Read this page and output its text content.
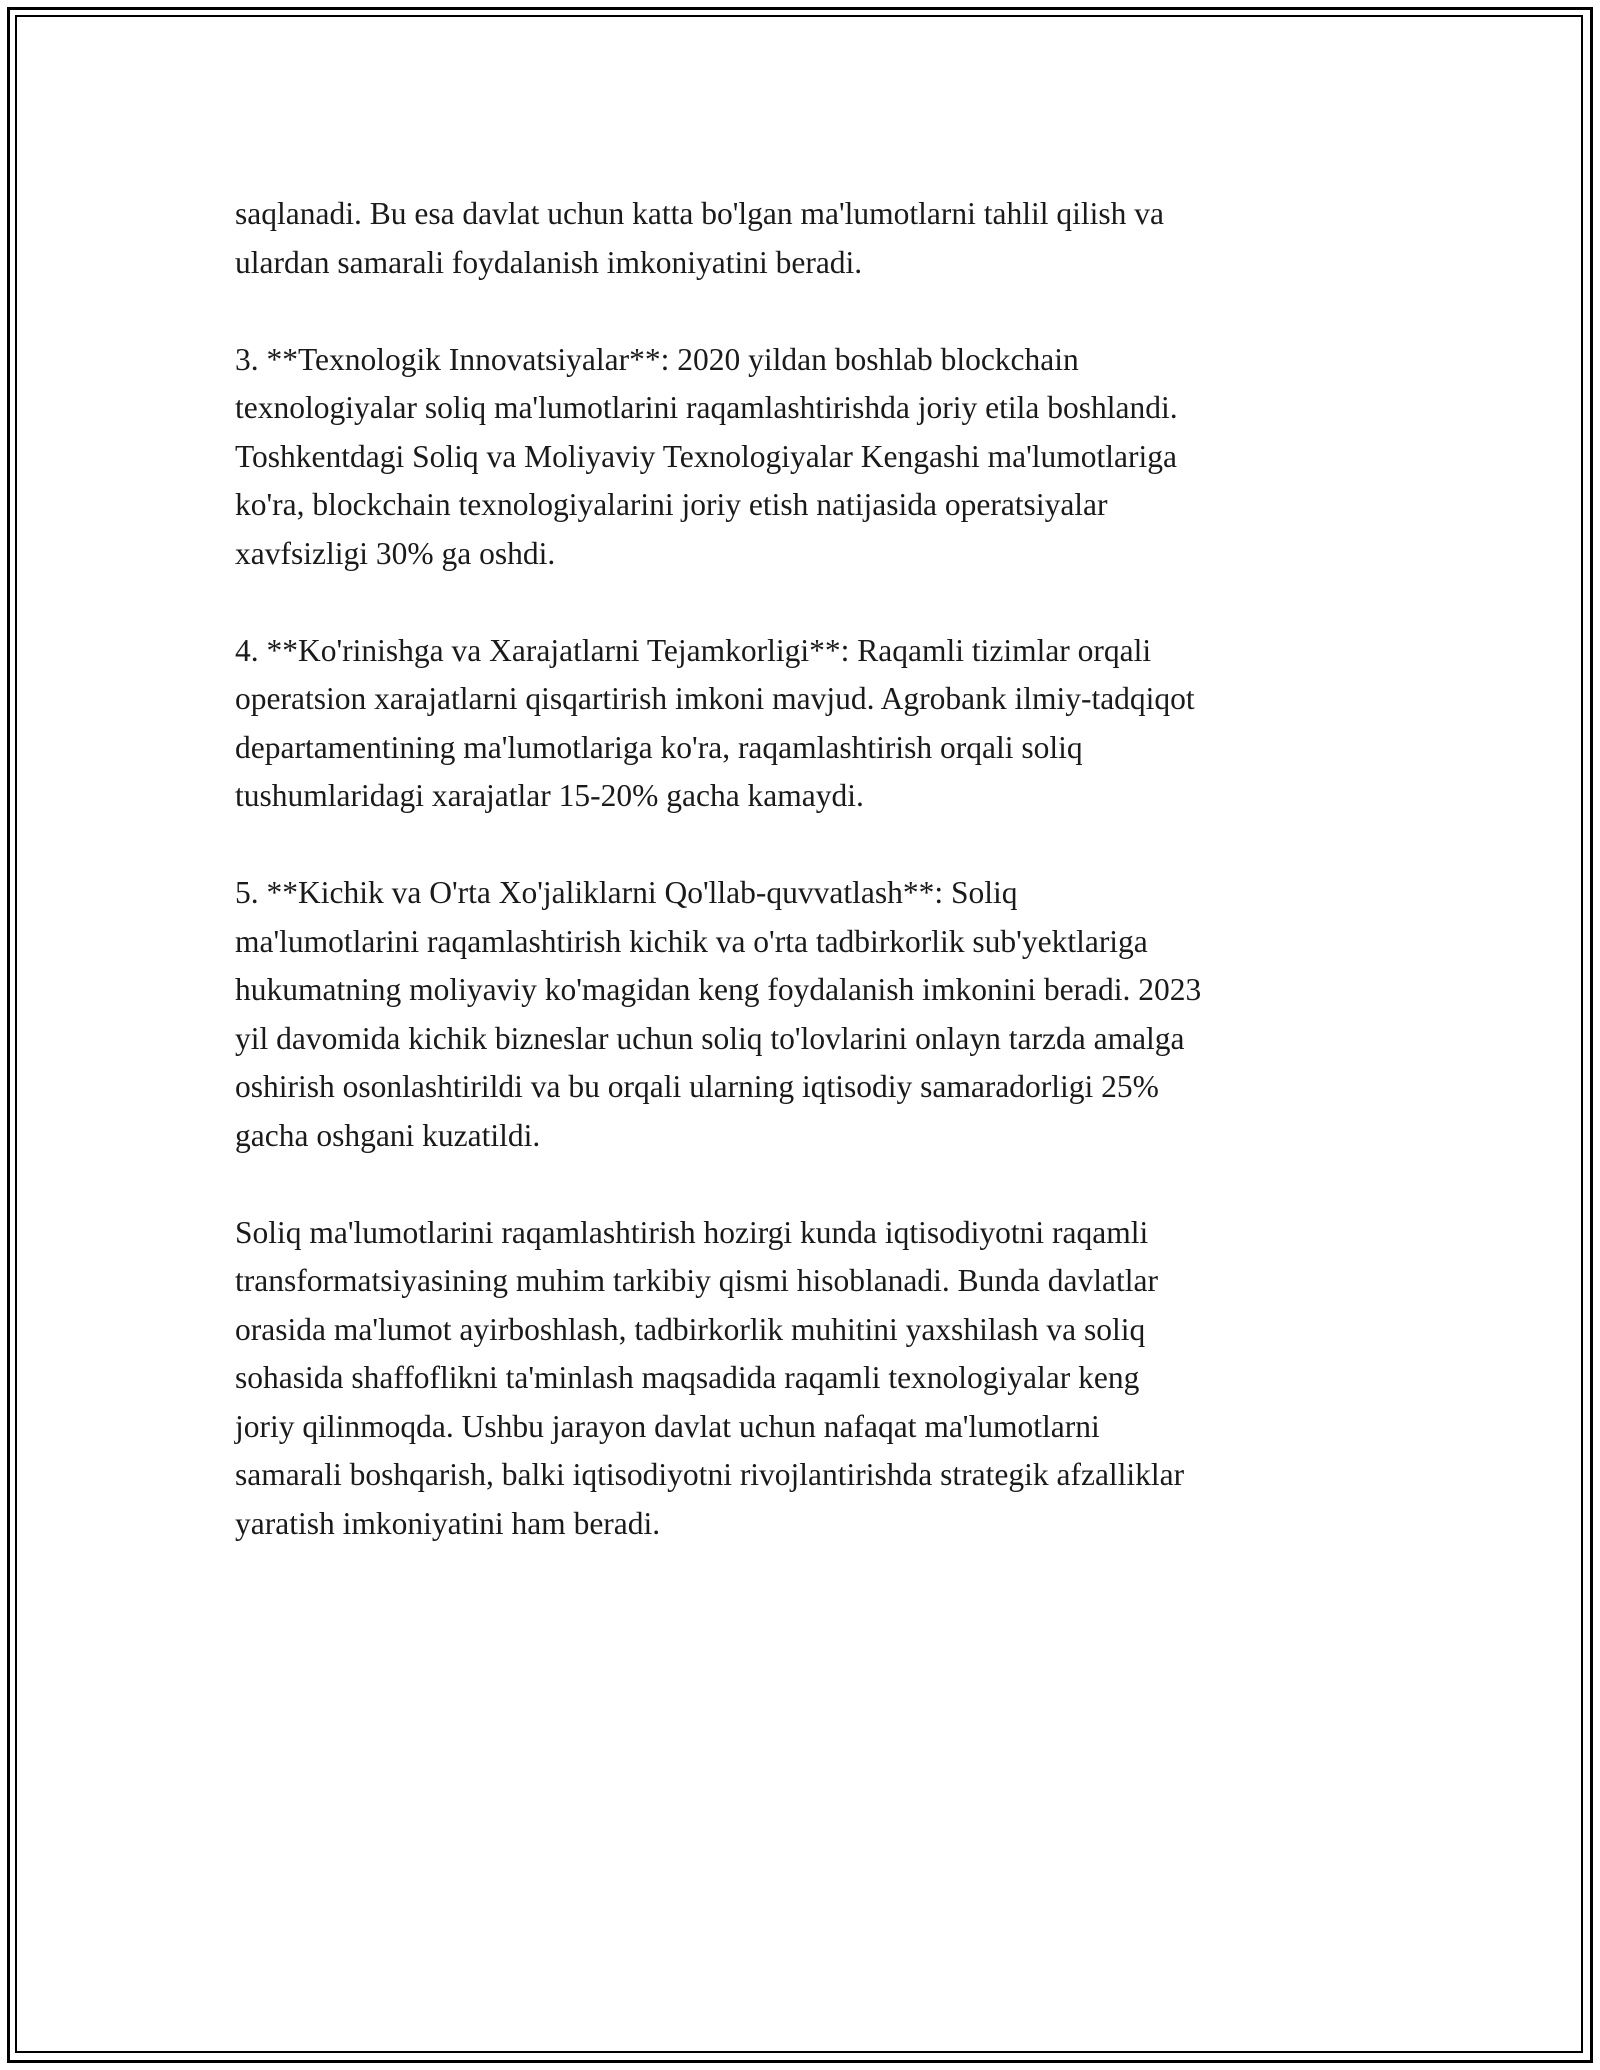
saqlanadi. Bu esa davlat uchun katta bo'lgan ma'lumotlarni tahlil qilish va
ulardan samarali foydalanish imkoniyatini beradi.
3. **Texnologik Innovatsiyalar**: 2020 yildan boshlab blockchain
texnologiyalar soliq ma'lumotlarini raqamlashtirishda joriy etila boshlandi.
Toshkentdagi Soliq va Moliyaviy Texnologiyalar Kengashi ma'lumotlariga
ko'ra, blockchain texnologiyalarini joriy etish natijasida operatsiyalar
xavfsizligi 30% ga oshdi.
4. **Ko'rinishga va Xarajatlarni Tejamkorligi**: Raqamli tizimlar orqali
operatsion xarajatlarni qisqartirish imkoni mavjud. Agrobank ilmiy-tadqiqot
departamentining ma'lumotlariga ko'ra, raqamlashtirish orqali soliq
tushumlaridagi xarajatlar 15-20% gacha kamaydi.
5. **Kichik va O'rta Xo'jaliklarni Qo'llab-quvvatlash**: Soliq
ma'lumotlarini raqamlashtirish kichik va o'rta tadbirkorlik sub'yektlariga
hukumatning moliyaviy ko'magidan keng foydalanish imkonini beradi. 2023
yil davomida kichik bizneslar uchun soliq to'lovlarini onlayn tarzda amalga
oshirish osonlashtirildi va bu orqali ularning iqtisodiy samaradorligi 25%
gacha oshgani kuzatildi.
Soliq ma'lumotlarini raqamlashtirish hozirgi kunda iqtisodiyotni raqamli
transformatsiyasining muhim tarkibiy qismi hisoblanadi. Bunda davlatlar
orasida ma'lumot ayirboshlash, tadbirkorlik muhitini yaxshilash va soliq
sohasida shaffoflikni ta'minlash maqsadida raqamli texnologiyalar keng
joriy qilinmoqda. Ushbu jarayon davlat uchun nafaqat ma'lumotlarni
samarali boshqarish, balki iqtisodiyotni rivojlantirishda strategik afzalliklar
yaratish imkoniyatini ham beradi.
